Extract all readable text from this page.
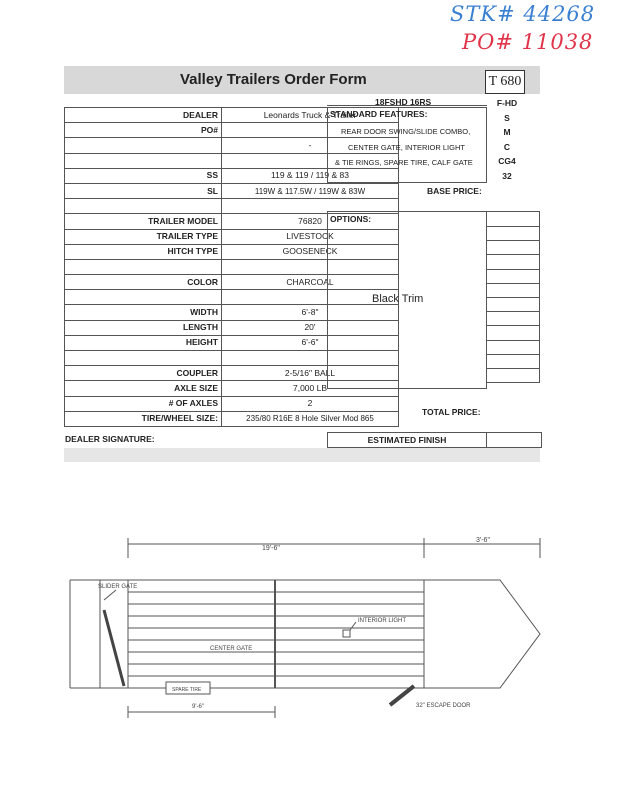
STK# 44268
PO# 11038
Valley Trailers Order Form	T 680
DEALER	Leonards Truck & Trailer
PO#	
	-

SS	119 & 119 / 119 & 83
SL	119W & 117.5W / 119W & 83W

TRAILER MODEL	76820
TRAILER TYPE	LIVESTOCK
HITCH TYPE	GOOSENECK

COLOR	CHARCOAL

WIDTH	6'-8"
LENGTH	20'
HEIGHT	6'-6"

COUPLER	2-5/16" BALL
AXLE SIZE	7,000 LB
# OF AXLES	2
TIRE/WHEEL SIZE:	235/80 R16E 8 Hole Silver Mod 865
18FSHD 16RS	F-HD
S
M
C
CG4
32
STANDARD FEATURES:
REAR DOOR SWING/SLIDE COMBO,
CENTER GATE, INTERIOR LIGHT
& TIE RINGS, SPARE TIRE, CALF GATE
BASE PRICE:
OPTIONS:
Black Trim
TOTAL PRICE:
DEALER SIGNATURE:	ESTIMATED FINISH
19'-6"
3'-6"
SLIDER GATE
INTERIOR LIGHT
CENTER GATE
SPARE TIRE
32" ESCAPE DOOR
9'-6"
